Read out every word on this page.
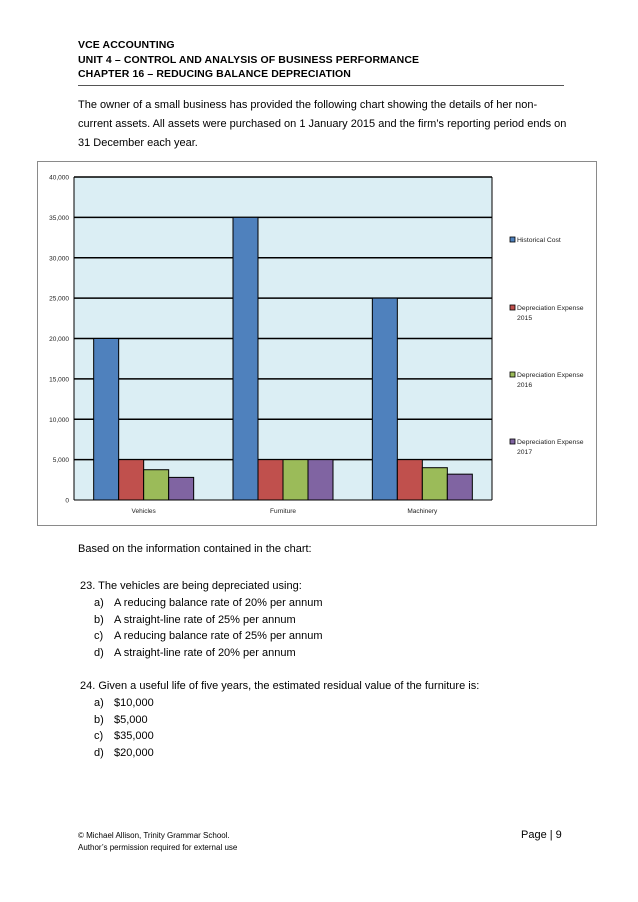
VCE ACCOUNTING
UNIT 4 – CONTROL AND ANALYSIS OF BUSINESS PERFORMANCE
CHAPTER 16 – REDUCING BALANCE DEPRECIATION
The owner of a small business has provided the following chart showing the details of her non-current assets. All assets were purchased on 1 January 2015 and the firm’s reporting period ends on 31 December each year.
0
5,000
10,000
15,000
20,000
25,000
30,000
35,000
40,000
Vehicles	Furniture	Machinery
Historical Cost
Depreciation Expense
2015
Depreciation Expense
2016
Depreciation Expense
2017
Based on the information contained in the chart:
23. The vehicles are being depreciated using:
a) A reducing balance rate of 20% per annum
b) A straight-line rate of 25% per annum
c) A reducing balance rate of 25% per annum
d) A straight-line rate of 20% per annum
24. Given a useful life of five years, the estimated residual value of the furniture is:
a) $10,000
b) $5,000
c) $35,000
d) $20,000
© Michael Allison, Trinity Grammar School.
Author’s permission required for external use
Page | 9
